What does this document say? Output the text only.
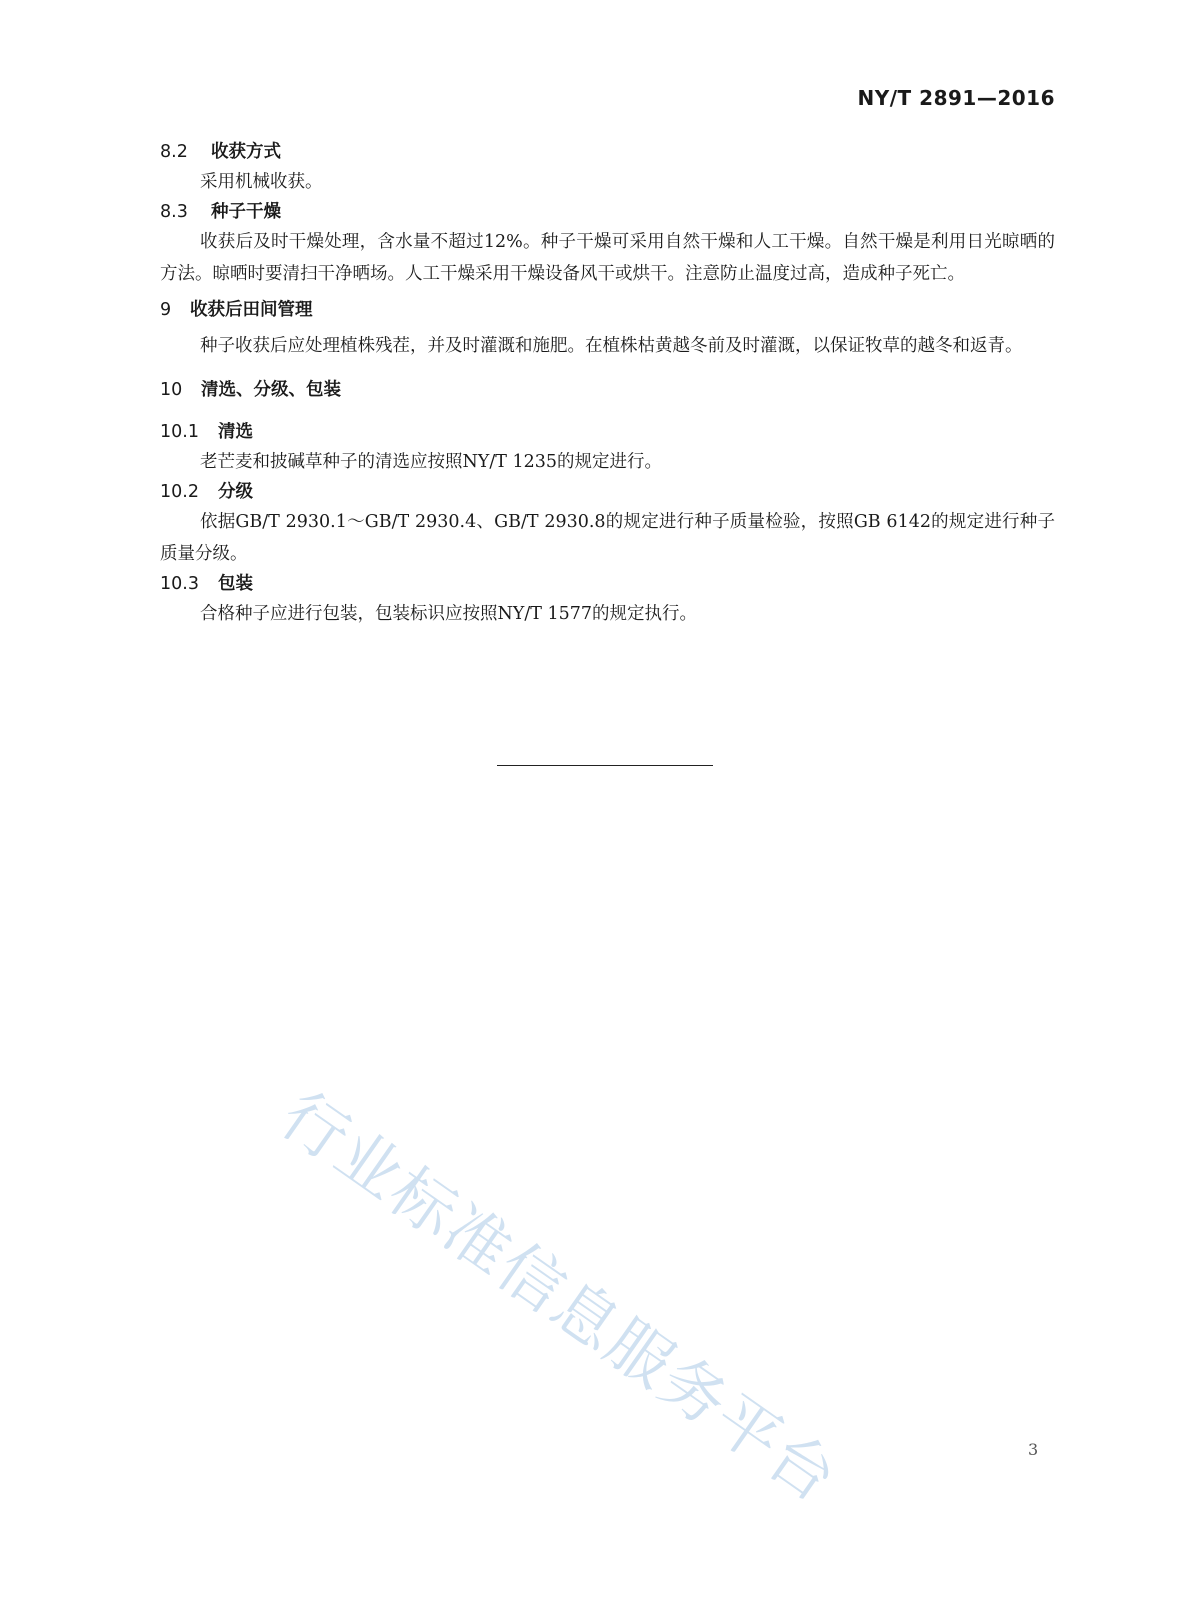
NY/T 2891—2016
8.2	收获方式

采用机械收获。

8.3	种子干燥

收获后及时干燥处理，含水量不超过12%。种子干燥可采用自然干燥和人工干燥。自然干燥是利用日光晾晒的方法。晾晒时要清扫干净晒场。人工干燥采用干燥设备风干或烘干。注意防止温度过高，造成种子死亡。

9	收获后田间管理

种子收获后应处理植株残茬，并及时灌溉和施肥。在植株枯黄越冬前及时灌溉，以保证牧草的越冬和返青。

10	清选、分级、包装
10.1	清选

老芒麦和披碱草种子的清选应按照NY/T 1235的规定进行。

10.2	分级

依据GB/T 2930.1～GB/T 2930.4、GB/T 2930.8的规定进行种子质量检验，按照GB 6142的规定进行种子质量分级。

10.3	包装

合格种子应进行包装，包装标识应按照NY/T 1577的规定执行。

行业标准信息服务平台	3
